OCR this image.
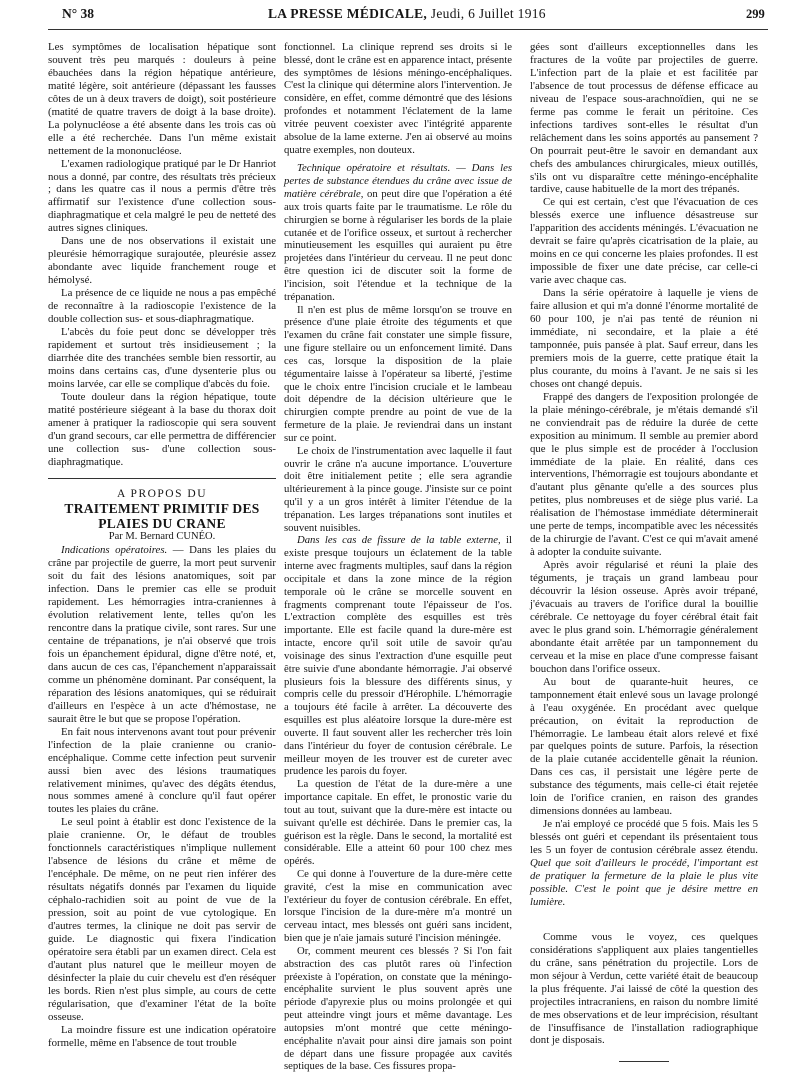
N° 38	LA PRESSE MÉDICALE, Jeudi, 6 Juillet 1916	299

Les symptômes de localisation hépatique sont souvent très peu marqués : douleurs à peine ébauchées dans la région hépatique antérieure, matité légère, soit antérieure (dépassant les fausses côtes de un à deux travers de doigt), soit postérieure (matité de quatre travers de doigt à la base droite). La polynucléose a été absente dans les trois cas où elle a été recherchée. Dans l'un même existait nettement de la mononucléose.

L'examen radiologique pratiqué par le Dr Hanriot nous a donné, par contre, des résultats très précieux ; dans les quatre cas il nous a permis d'être très affirmatif sur l'existence d'une collection sous-diaphragmatique et cela malgré le peu de netteté des autres signes cliniques.

Dans une de nos observations il existait une pleurésie hémorragique surajoutée, pleurésie assez abondante avec liquide franchement rouge et hémolysé.

La présence de ce liquide ne nous a pas empêché de reconnaître à la radioscopie l'existence de la double collection sus- et sous-diaphragmatique.

L'abcès du foie peut donc se développer très rapidement et surtout très insidieusement ; la diarrhée dite des tranchées semble bien ressortir, au moins dans certains cas, d'une dysenterie plus ou moins larvée, car elle se complique d'abcès du foie.

Toute douleur dans la région hépatique, toute matité postérieure siégeant à la base du thorax doit amener à pratiquer la radioscopie qui sera souvent d'un grand secours, car elle permettra de différencier une collection sus- d'une collection sous-diaphragmatique.

A PROPOS DU

TRAITEMENT PRIMITIF DES PLAIES DU CRANE

Par M. Bernard CUNÉO.

Indications opératoires. — Dans les plaies du crâne par projectile de guerre, la mort peut survenir soit du fait des lésions anatomiques, soit par infection. Dans le premier cas elle se produit rapidement. Les hémorragies intra-craniennes à évolution relativement lente, telles qu'on les rencontre dans la pratique civile, sont rares. Sur une centaine de trépanations, je n'ai observé que trois fois un épanchement épidural, digne d'être noté, et, dans aucun de ces cas, l'épanchement n'apparaissait comme un phénomène dominant. Par conséquent, la réparation des lésions anatomiques, qui se réduirait d'ailleurs en l'espèce à un acte d'hémostase, ne saurait être le but que se propose l'opération.

En fait nous intervenons avant tout pour prévenir l'infection de la plaie cranienne ou cranio-encéphalique. Comme cette infection peut survenir aussi bien avec des lésions traumatiques relativement minimes, qu'avec des dégâts étendus, nous sommes amené à conclure qu'il faut opérer toutes les plaies du crâne.

Le seul point à établir est donc l'existence de la plaie cranienne. Or, le défaut de troubles fonctionnels caractéristiques n'implique nullement l'absence de lésions du crâne et même de l'encéphale. De même, on ne peut rien inférer des résultats négatifs donnés par l'examen du liquide céphalo-rachidien soit au point de vue de la pression, soit au point de vue cytologique. En d'autres termes, la clinique ne doit pas servir de guide. Le diagnostic qui fixera l'indication opératoire sera établi par un examen direct. Cela est d'autant plus naturel que le meilleur moyen de désinfecter la plaie du cuir chevelu est d'en réséquer les bords. Rien n'est plus simple, au cours de cette régularisation, que d'examiner l'état de la boîte osseuse.

La moindre fissure est une indication opératoire formelle, même en l'absence de tout trouble

fonctionnel. La clinique reprend ses droits si le blessé, dont le crâne est en apparence intact, présente des symptômes de lésions méningo-encéphaliques. C'est la clinique qui détermine alors l'intervention. Je considère, en effet, comme démontré que des lésions profondes et notamment l'éclatement de la lame vitrée peuvent coexister avec l'intégrité apparente absolue de la lame externe. J'en ai observé au moins quatre exemples, non douteux.

Technique opératoire et résultats. — Dans les pertes de substance étendues du crâne avec issue de matière cérébrale, on peut dire que l'opération a été aux trois quarts faite par le traumatisme. Le rôle du chirurgien se borne à régulariser les bords de la plaie cutanée et de l'orifice osseux, et surtout à rechercher minutieusement les esquilles qui auraient pu être projetées dans l'intérieur du cerveau. Il ne peut donc être question ici de discuter soit la forme de l'incision, soit l'étendue et la technique de la trépanation.

Il n'en est plus de même lorsqu'on se trouve en présence d'une plaie étroite des téguments et que l'examen du crâne fait constater une simple fissure, une figure stellaire ou un enfoncement limité. Dans ces cas, lorsque la disposition de la plaie tégumentaire laisse à l'opérateur sa liberté, j'estime que le choix entre l'incision cruciale et le lambeau doit dépendre de la décision ultérieure que le chirurgien compte prendre au point de vue de la fermeture de la plaie. Je reviendrai dans un instant sur ce point.

Le choix de l'instrumentation avec laquelle il faut ouvrir le crâne n'a aucune importance. L'ouverture doit être initialement petite ; elle sera agrandie ultérieurement à la pince gouge. J'insiste sur ce point qu'il y a un gros intérêt à limiter l'étendue de la trépanation. Les larges trépanations sont inutiles et souvent nuisibles.

Dans les cas de fissure de la table externe, il existe presque toujours un éclatement de la table interne avec fragments multiples, sauf dans la région occipitale et dans la zone mince de la région temporale où le crâne se morcelle souvent en fragments comprenant toute l'épaisseur de l'os. L'extraction complète des esquilles est très importante. Elle est facile quand la dure-mère est intacte, encore qu'il soit utile de savoir qu'au voisinage des sinus l'extraction d'une esquille peut être suivie d'une abondante hémorragie. J'ai observé plusieurs fois la blessure des différents sinus, y compris celle du pressoir d'Hérophile. L'hémorragie a toujours été facile à arrêter. La découverte des esquilles est plus aléatoire lorsque la dure-mère est ouverte. Il faut souvent aller les rechercher très loin dans l'intérieur du foyer de contusion cérébrale. Le meilleur moyen de les trouver est de cureter avec prudence les parois du foyer.

La question de l'état de la dure-mère a une importance capitale. En effet, le pronostic varie du tout au tout, suivant que la dure-mère est intacte ou suivant qu'elle est déchirée. Dans le premier cas, la guérison est la règle. Dans le second, la mortalité est considérable. Elle a atteint 60 pour 100 chez mes opérés.

Ce qui donne à l'ouverture de la dure-mère cette gravité, c'est la mise en communication avec l'extérieur du foyer de contusion cérébrale. En effet, lorsque l'incision de la dure-mère m'a montré un cerveau intact, mes blessés ont guéri sans incident, bien que je n'aie jamais suturé l'incision méningée.

Or, comment meurent ces blessés ? Si l'on fait abstraction des cas plutôt rares où l'infection préexiste à l'opération, on constate que la méningo-encéphalite survient le plus souvent après une période d'apyrexie plus ou moins prolongée et qui peut atteindre vingt jours et même davantage. Les autopsies m'ont montré que cette méningo-encéphalite n'avait pour ainsi dire jamais son point de départ dans une fissure propagée aux cavités septiques de la base. Ces fissures propa-

gées sont d'ailleurs exceptionnelles dans les fractures de la voûte par projectiles de guerre. L'infection part de la plaie et est facilitée par l'absence de tout processus de défense efficace au niveau de l'espace sous-arachnoïdien, qui ne se ferme pas comme le ferait un péritoine. Ces infections tardives sont-elles le résultat d'un relâchement dans les soins apportés au pansement ? On pourrait peut-être le savoir en demandant aux chefs des ambulances chirurgicales, mieux outillés, s'ils ont vu disparaître cette méningo-encéphalite tardive, cause habituelle de la mort des trépanés.

Ce qui est certain, c'est que l'évacuation de ces blessés exerce une influence désastreuse sur l'apparition des accidents méningés. L'évacuation ne devrait se faire qu'après cicatrisation de la plaie, au moins en ce qui concerne les plaies profondes. Il est impossible de fixer une date précise, car celle-ci varie avec chaque cas.

Dans la série opératoire à laquelle je viens de faire allusion et qui m'a donné l'énorme mortalité de 60 pour 100, je n'ai pas tenté de réunion ni immédiate, ni secondaire, et la plaie a été tamponnée, puis pansée à plat. Sauf erreur, dans les premiers mois de la guerre, cette pratique était la plus courante, du moins à l'avant. Je ne sais si les choses ont changé depuis.

Frappé des dangers de l'exposition prolongée de la plaie méningo-cérébrale, je m'étais demandé s'il ne conviendrait pas de réduire la durée de cette exposition au minimum. Il semble au premier abord que le plus simple est de procéder à l'occlusion immédiate de la plaie. En réalité, dans ces interventions, l'hémorragie est toujours abondante et d'autant plus gênante qu'elle a des sources plus petites, plus nombreuses et de siège plus varié. La réalisation de l'hémostase immédiate déterminerait une perte de temps, incompatible avec les nécessités de la chirurgie de l'avant. C'est ce qui m'avait amené à adopter la conduite suivante.

Après avoir régularisé et réuni la plaie des téguments, je traçais un grand lambeau pour découvrir la lésion osseuse. Après avoir trépané, j'évacuais au travers de l'orifice dural la bouillie cérébrale. Ce nettoyage du foyer cérébral était fait avec le plus grand soin. L'hémorragie généralement abondante était arrêtée par un tamponnement du cerveau et la mise en place d'une compresse faisant bouchon dans l'orifice osseux.

Au bout de quarante-huit heures, ce tamponnement était enlevé sous un lavage prolongé à l'eau oxygénée. En procédant avec quelque précaution, on évitait la reproduction de l'hémorragie. Le lambeau était alors relevé et fixé par quelques points de suture. Parfois, la résection de la plaie cutanée accidentelle gênait la réunion. Dans ces cas, il persistait une légère perte de substance des téguments, mais celle-ci était rejetée loin de l'orifice cranien, en raison des grandes dimensions données au lambeau.

Je n'ai employé ce procédé que 5 fois. Mais les 5 blessés ont guéri et cependant ils présentaient tous les 5 un foyer de contusion cérébrale assez étendu. Quel que soit d'ailleurs le procédé, l'important est de pratiquer la fermeture de la plaie le plus vite possible. C'est le point que je désire mettre en lumière.

Comme vous le voyez, ces quelques considérations s'appliquent aux plaies tangentielles du crâne, sans pénétration du projectile. Lors de mon séjour à Verdun, cette variété était de beaucoup la plus fréquente. J'ai laissé de côté la question des projectiles intracraniens, en raison du nombre limité de mes observations et de leur imprécision, résultant de l'insuffisance de l'installation radiographique dont je disposais.
